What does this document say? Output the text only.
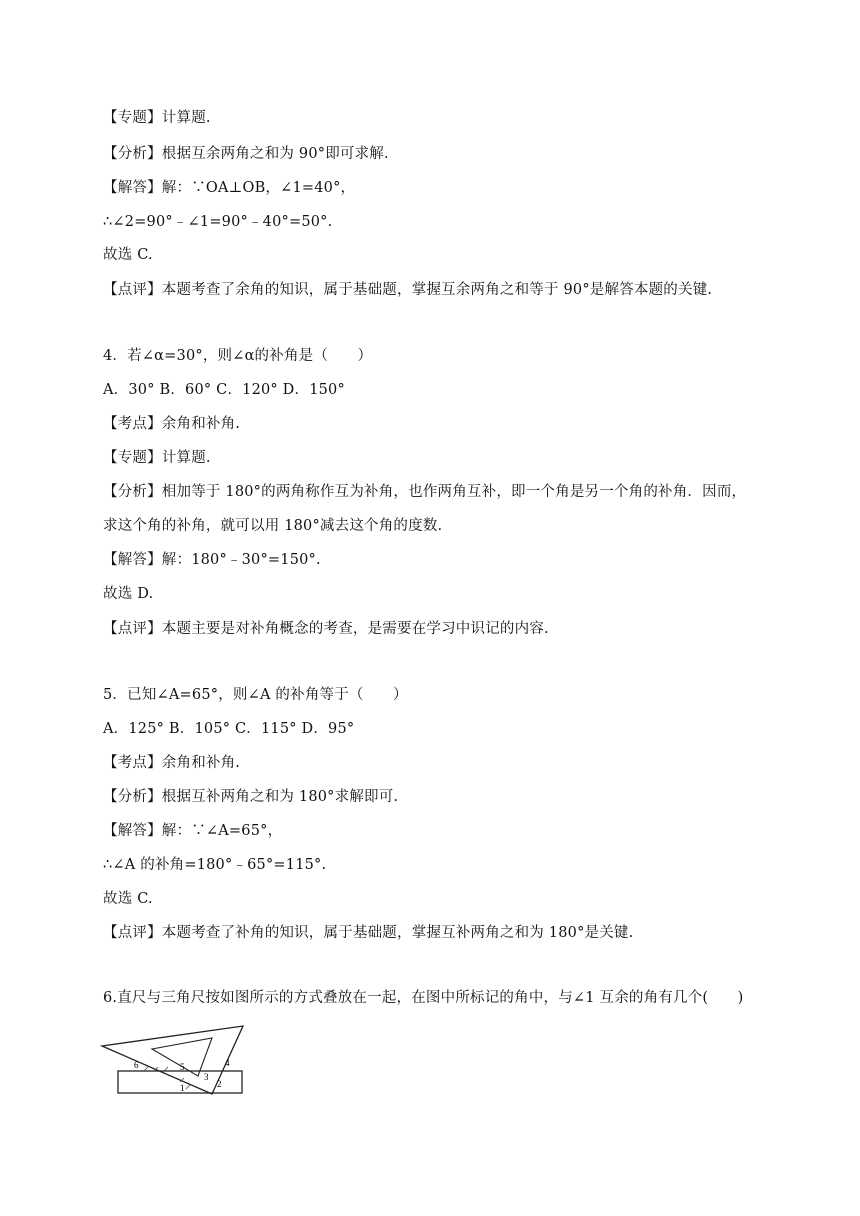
【专题】计算题.
【分析】根据互余两角之和为 90°即可求解.
【解答】解：∵OA⊥OB，∠1=40°，
∴∠2=90°﹣∠1=90°﹣40°=50°.
故选 C.
【点评】本题考查了余角的知识，属于基础题，掌握互余两角之和等于 90°是解答本题的关键.
4．若∠α=30°，则∠α的补角是（　　）
A．30° B．60° C．120° D．150°
【考点】余角和补角.
【专题】计算题.
【分析】相加等于 180°的两角称作互为补角，也作两角互补，即一个角是另一个角的补角．因而，
求这个角的补角，就可以用 180°减去这个角的度数.
【解答】解：180°﹣30°=150°.
故选 D.
【点评】本题主要是对补角概念的考查，是需要在学习中识记的内容.
5．已知∠A=65°，则∠A 的补角等于（　　）
A．125° B．105° C．115° D．95°
【考点】余角和补角.
【分析】根据互补两角之和为 180°求解即可.
【解答】解：∵∠A=65°，
∴∠A 的补角=180°﹣65°=115°.
故选 C.
【点评】本题考查了补角的知识，属于基础题，掌握互补两角之和为 180°是关键.
6.直尺与三角尺按如图所示的方式叠放在一起，在图中所标记的角中，与∠1 互余的角有几个(　　)
6	5	4
3
2
1
